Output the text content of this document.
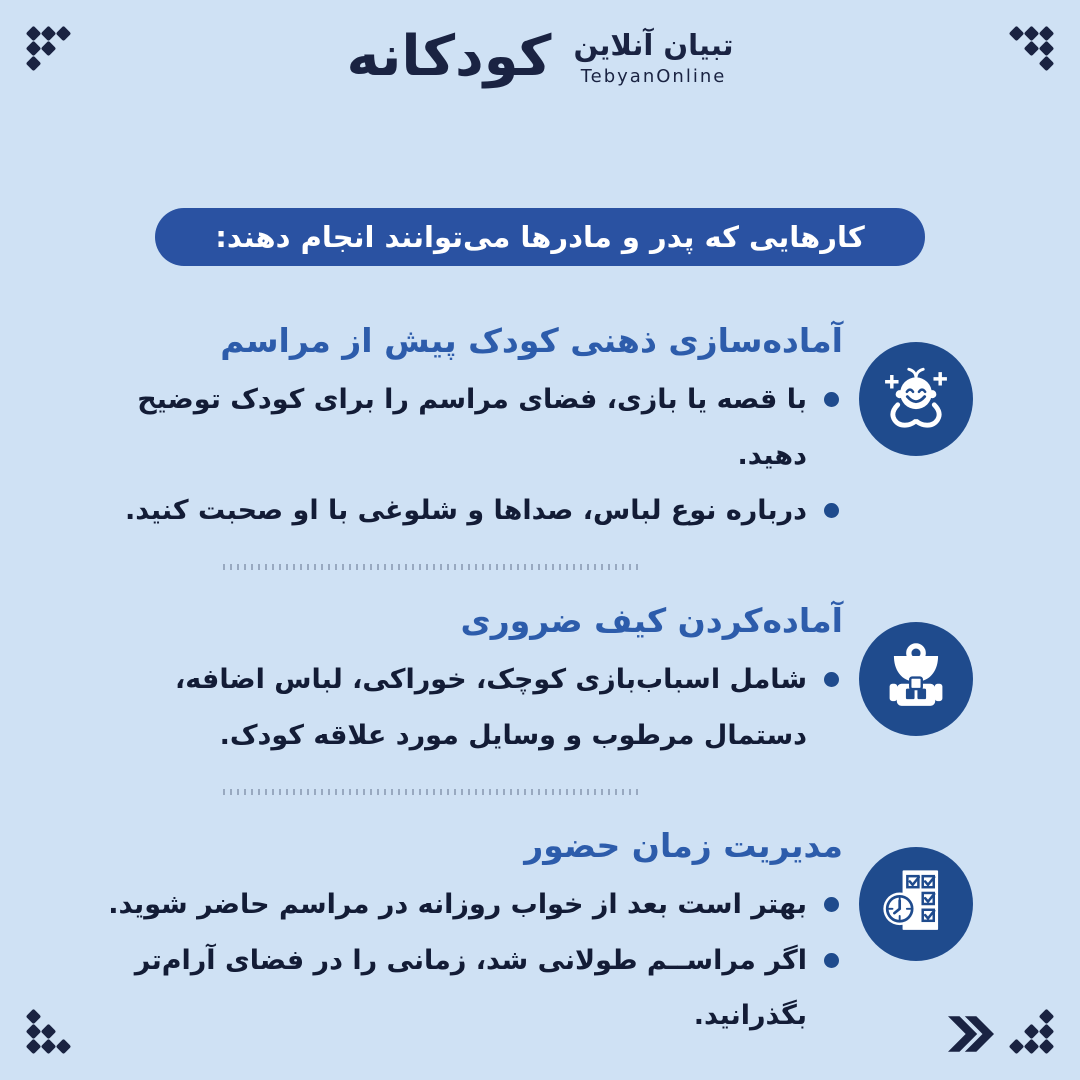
تبیان آنلاین
TebyanOnline
کودکانه
کارهایی که پدر و مادرها می‌توانند انجام دهند:
آماده‌سازی ذهنی کودک پیش از مراسم
با قصه یا بازی، فضای مراسم را برای کودک توضیح دهید.
درباره نوع لباس، صداها و شلوغی با او صحبت کنید.
آماده‌کردن کیف ضروری
شامل اسباب‌بازی کوچک، خوراکی، لباس اضافه، دستمال مرطوب و وسایل مورد علاقه کودک.
مدیریت زمان حضور
بهتر است بعد از خواب روزانه در مراسم حاضر شوید.
اگر مراســم طولانی شد، زمانی را در فضای آرام‌تر بگذرانید.
